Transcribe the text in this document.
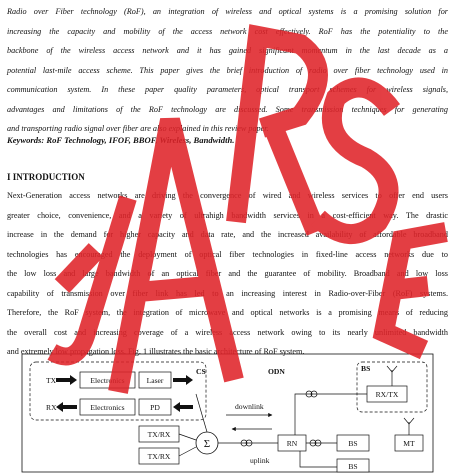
Radio over Fiber technology (RoF), an integration of wireless and optical systems is a promising solution for
increasing the capacity and mobility of the access network cost effectively. RoF has the potentiality to the
backbone of the wireless access network and it has gained significant momentum in the last decade as a
potential last-mile access scheme. This paper gives the brief introduction of radio over fiber technology used in
communication system. In these paper quality parameters, optical transport schemes for wireless signals,
advantages and limitations of the RoF technology are discussed. Some transmission techniques for generating
and transporting radio signal over fiber are also explained in this review paper.

Keywords: RoF Technology, IFOF, BBOF, Wireless, Bandwidth.

I INTRODUCTION

Next-Generation access networks are driving the convergence of wired and wireless services to offer end users
greater choice, convenience, and a variety of ultrahigh bandwidth services in a cost-efficient way. The drastic
increase in the demand for higher capacity and data rate, and the increased availability of affordable broadband
technologies has encouraged the deployment of optical fiber technologies in fixed-line access networks due to
the low loss and large bandwidth of an optical fiber and the guarantee of mobility. Broadband and low loss
capability of transmission over fiber link has led to an increasing interest in Radio-over-Fiber (RoF) systems.
Therefore, the RoF system, the integration of microwave and optical networks is a promising means of reducing
the overall cost and increasing coverage of a wireless access network owing to its nearly unlimited bandwidth
and extremely low propagation loss. Fig. 1 illustrates the basic architecture of RoF system.

TX
RX
Electronics	Laser
Electronics	PD
CS	ODN	BS
TX/RX
TX/RX
Σ
downlink
uplink
RN
RX/TX
BS
BS
MT
